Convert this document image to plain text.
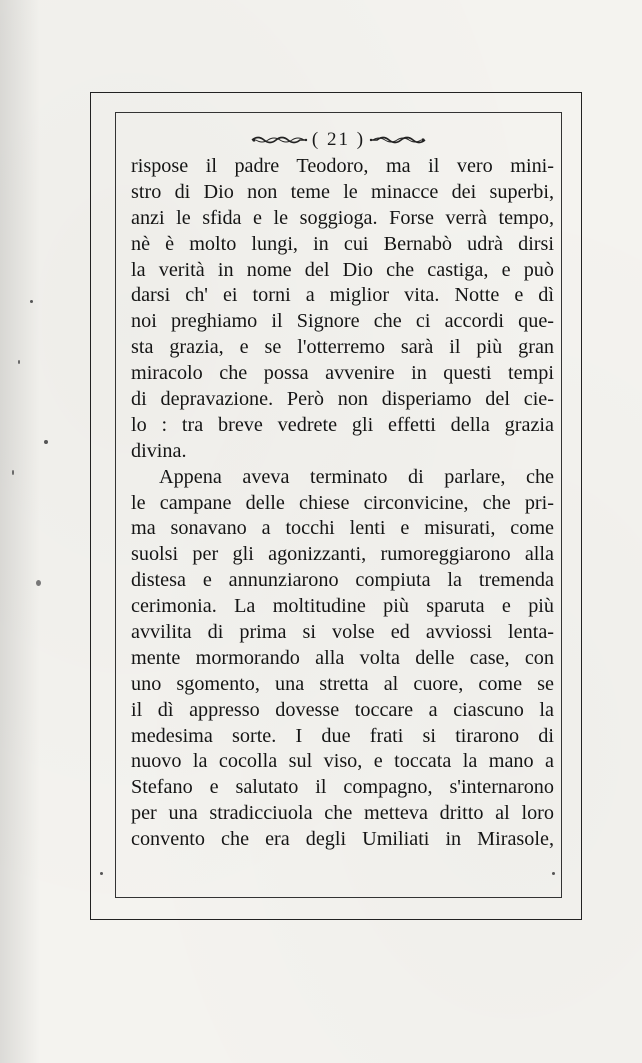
( 21 )
rispose il padre Teodoro, ma il vero mini-
stro di Dio non teme le minacce dei superbi,
anzi le sfida e le soggioga. Forse verrà tempo,
nè è molto lungi, in cui Bernabò udrà dirsi
la verità in nome del Dio che castiga, e può
darsi ch' ei torni a miglior vita. Notte e dì
noi preghiamo il Signore che ci accordi que-
sta grazia, e se l'otterremo sarà il più gran
miracolo che possa avvenire in questi tempi
di depravazione. Però non disperiamo del cie-
lo : tra breve vedrete gli effetti della grazia
divina.
Appena aveva terminato di parlare, che
le campane delle chiese circonvicine, che pri-
ma sonavano a tocchi lenti e misurati, come
suolsi per gli agonizzanti, rumoreggiarono alla
distesa e annunziarono compiuta la tremenda
cerimonia. La moltitudine più sparuta e più
avvilita di prima si volse ed avviossi lenta-
mente mormorando alla volta delle case, con
uno sgomento, una stretta al cuore, come se
il dì appresso dovesse toccare a ciascuno la
medesima sorte. I due frati si tirarono di
nuovo la cocolla sul viso, e toccata la mano a
Stefano e salutato il compagno, s'internarono
per una stradicciuola che metteva dritto al loro
convento che era degli Umiliati in Mirasole,
